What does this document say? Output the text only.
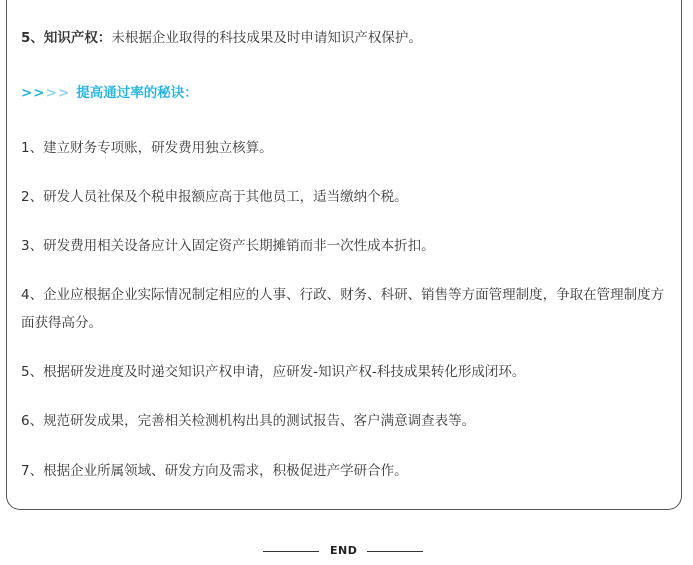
5、知识产权：未根据企业取得的科技成果及时申请知识产权保护。
>>>> 提高通过率的秘诀：
1、建立财务专项账，研发费用独立核算。
2、研发人员社保及个税申报额应高于其他员工，适当缴纳个税。
3、研发费用相关设备应计入固定资产长期摊销而非一次性成本折扣。
4、企业应根据企业实际情况制定相应的人事、行政、财务、科研、销售等方面管理制度，争取在管理制度方面获得高分。
5、根据研发进度及时递交知识产权申请，应研发-知识产权-科技成果转化形成闭环。
6、规范研发成果，完善相关检测机构出具的测试报告、客户满意调查表等。
7、根据企业所属领域、研发方向及需求，积极促进产学研合作。
END
